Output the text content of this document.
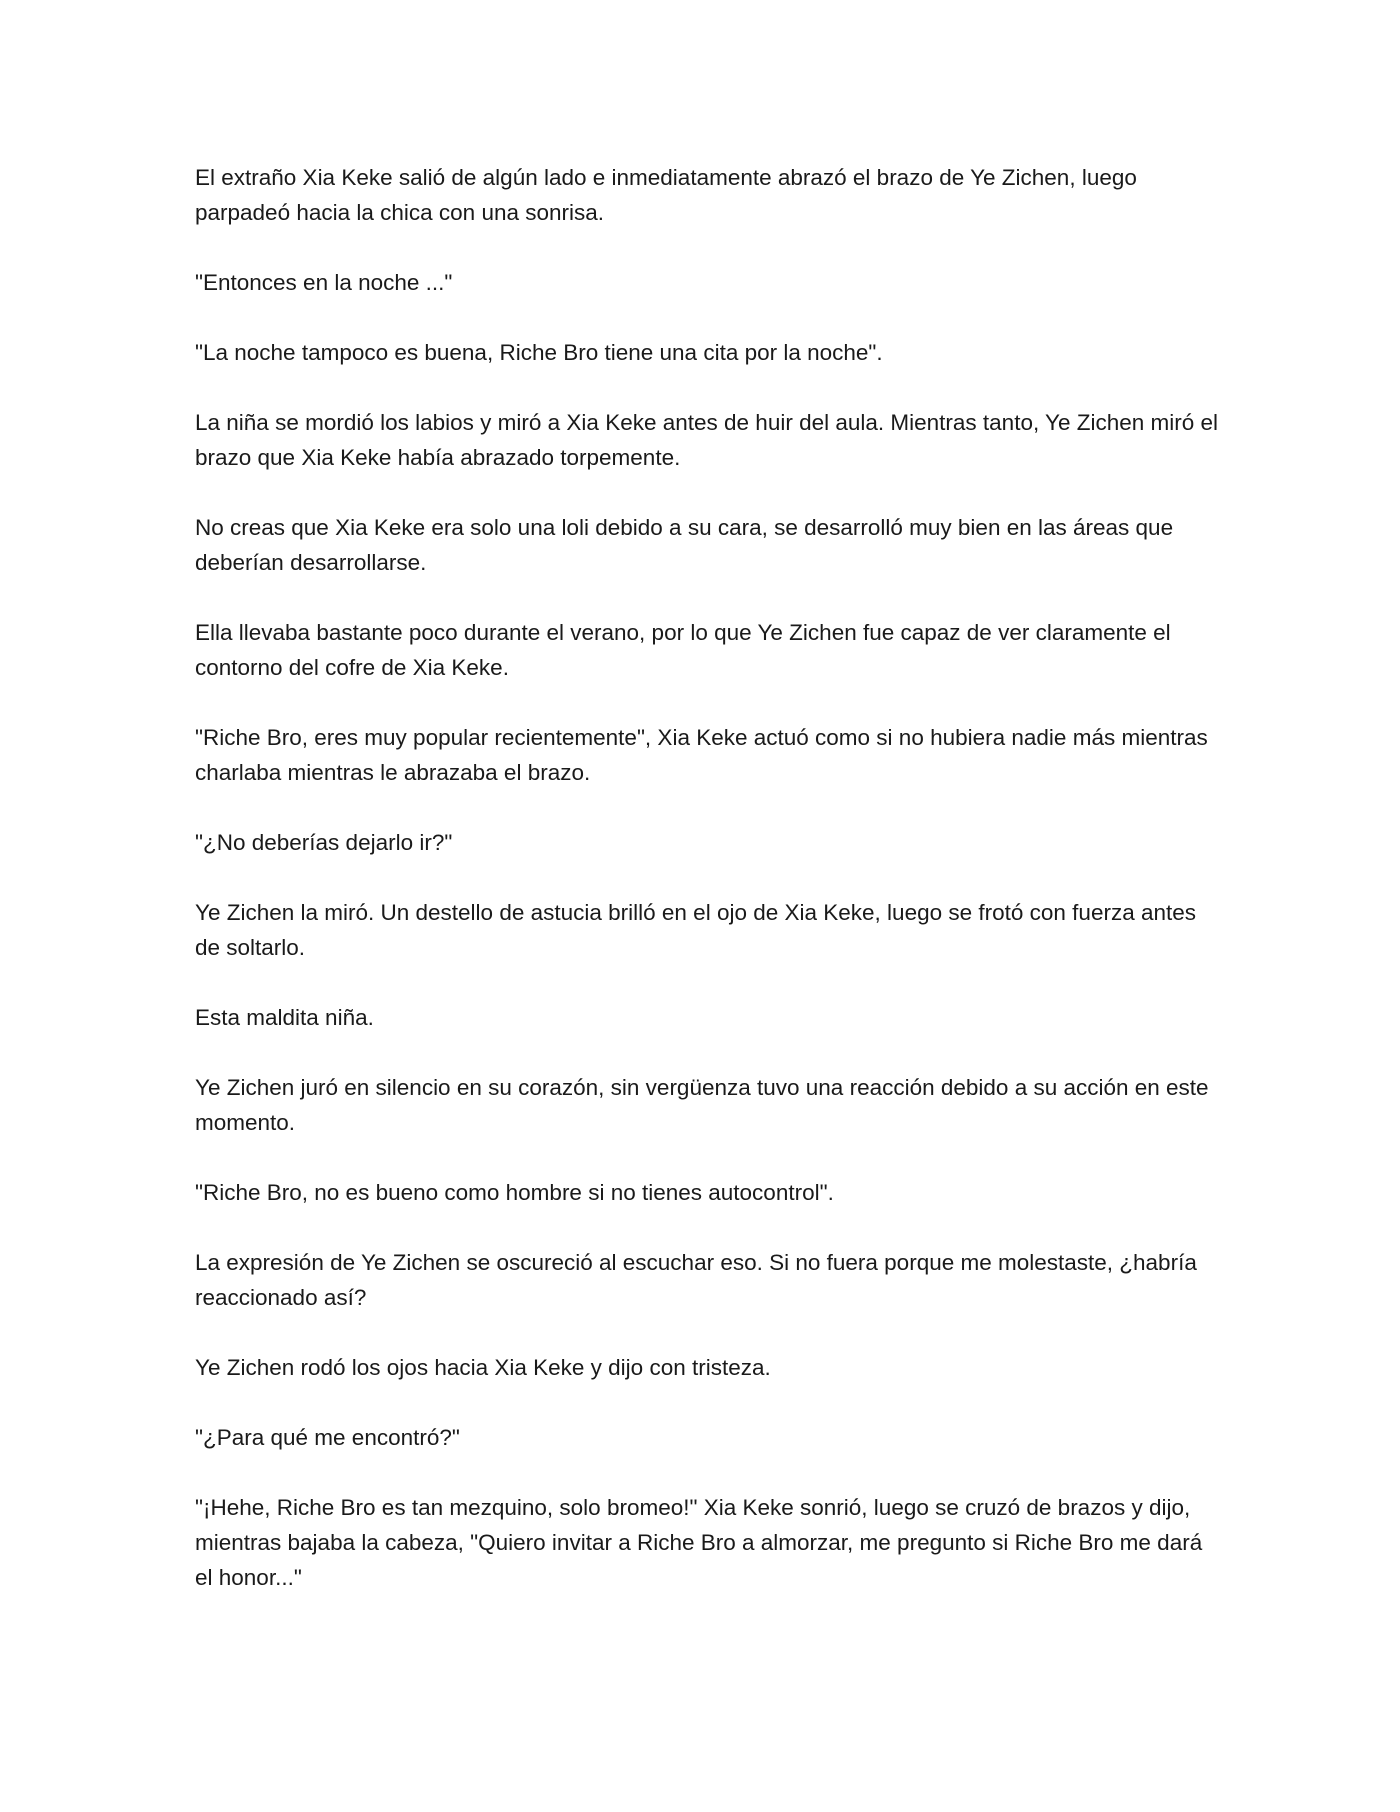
El extraño Xia Keke salió de algún lado e inmediatamente abrazó el brazo de Ye Zichen, luego parpadeó hacia la chica con una sonrisa.

"Entonces en la noche ..."

"La noche tampoco es buena, Riche Bro tiene una cita por la noche".

La niña se mordió los labios y miró a Xia Keke antes de huir del aula. Mientras tanto, Ye Zichen miró el brazo que Xia Keke había abrazado torpemente.

No creas que Xia Keke era solo una loli debido a su cara, se desarrolló muy bien en las áreas que deberían desarrollarse.

Ella llevaba bastante poco durante el verano, por lo que Ye Zichen fue capaz de ver claramente el contorno del cofre de Xia Keke.

"Riche Bro, eres muy popular recientemente", Xia Keke actuó como si no hubiera nadie más mientras charlaba mientras le abrazaba el brazo.

"¿No deberías dejarlo ir?"

Ye Zichen la miró. Un destello de astucia brilló en el ojo de Xia Keke, luego se frotó con fuerza antes de soltarlo.

Esta maldita niña.

Ye Zichen juró en silencio en su corazón, sin vergüenza tuvo una reacción debido a su acción en este momento.

"Riche Bro, no es bueno como hombre si no tienes autocontrol".

La expresión de Ye Zichen se oscureció al escuchar eso. Si no fuera porque me molestaste, ¿habría reaccionado así?

Ye Zichen rodó los ojos hacia Xia Keke y dijo con tristeza.

"¿Para qué me encontró?"

"¡Hehe, Riche Bro es tan mezquino, solo bromeo!" Xia Keke sonrió, luego se cruzó de brazos y dijo, mientras bajaba la cabeza, "Quiero invitar a Riche Bro a almorzar, me pregunto si Riche Bro me dará el honor..."
